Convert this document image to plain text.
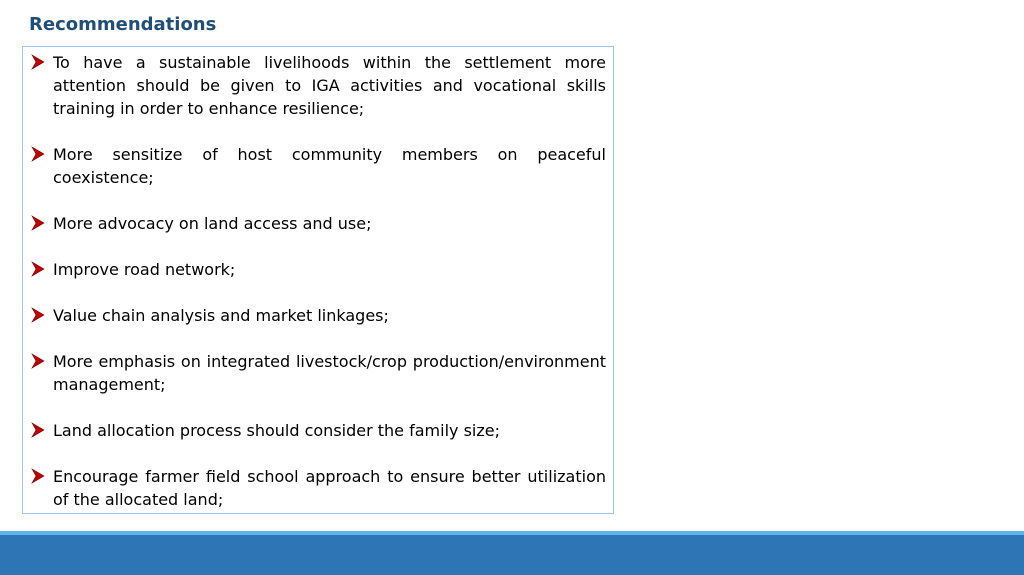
Recommendations
To have a sustainable livelihoods within the settlement more attention should be given to IGA activities and vocational skills training in order to enhance resilience;
More sensitize of host community members on peaceful coexistence;
More advocacy on land access and use;
Improve road network;
Value chain analysis and market linkages;
More emphasis on integrated livestock/crop production/environment management;
Land allocation process should consider the family size;
Encourage farmer field school approach to ensure better utilization of the allocated land;
